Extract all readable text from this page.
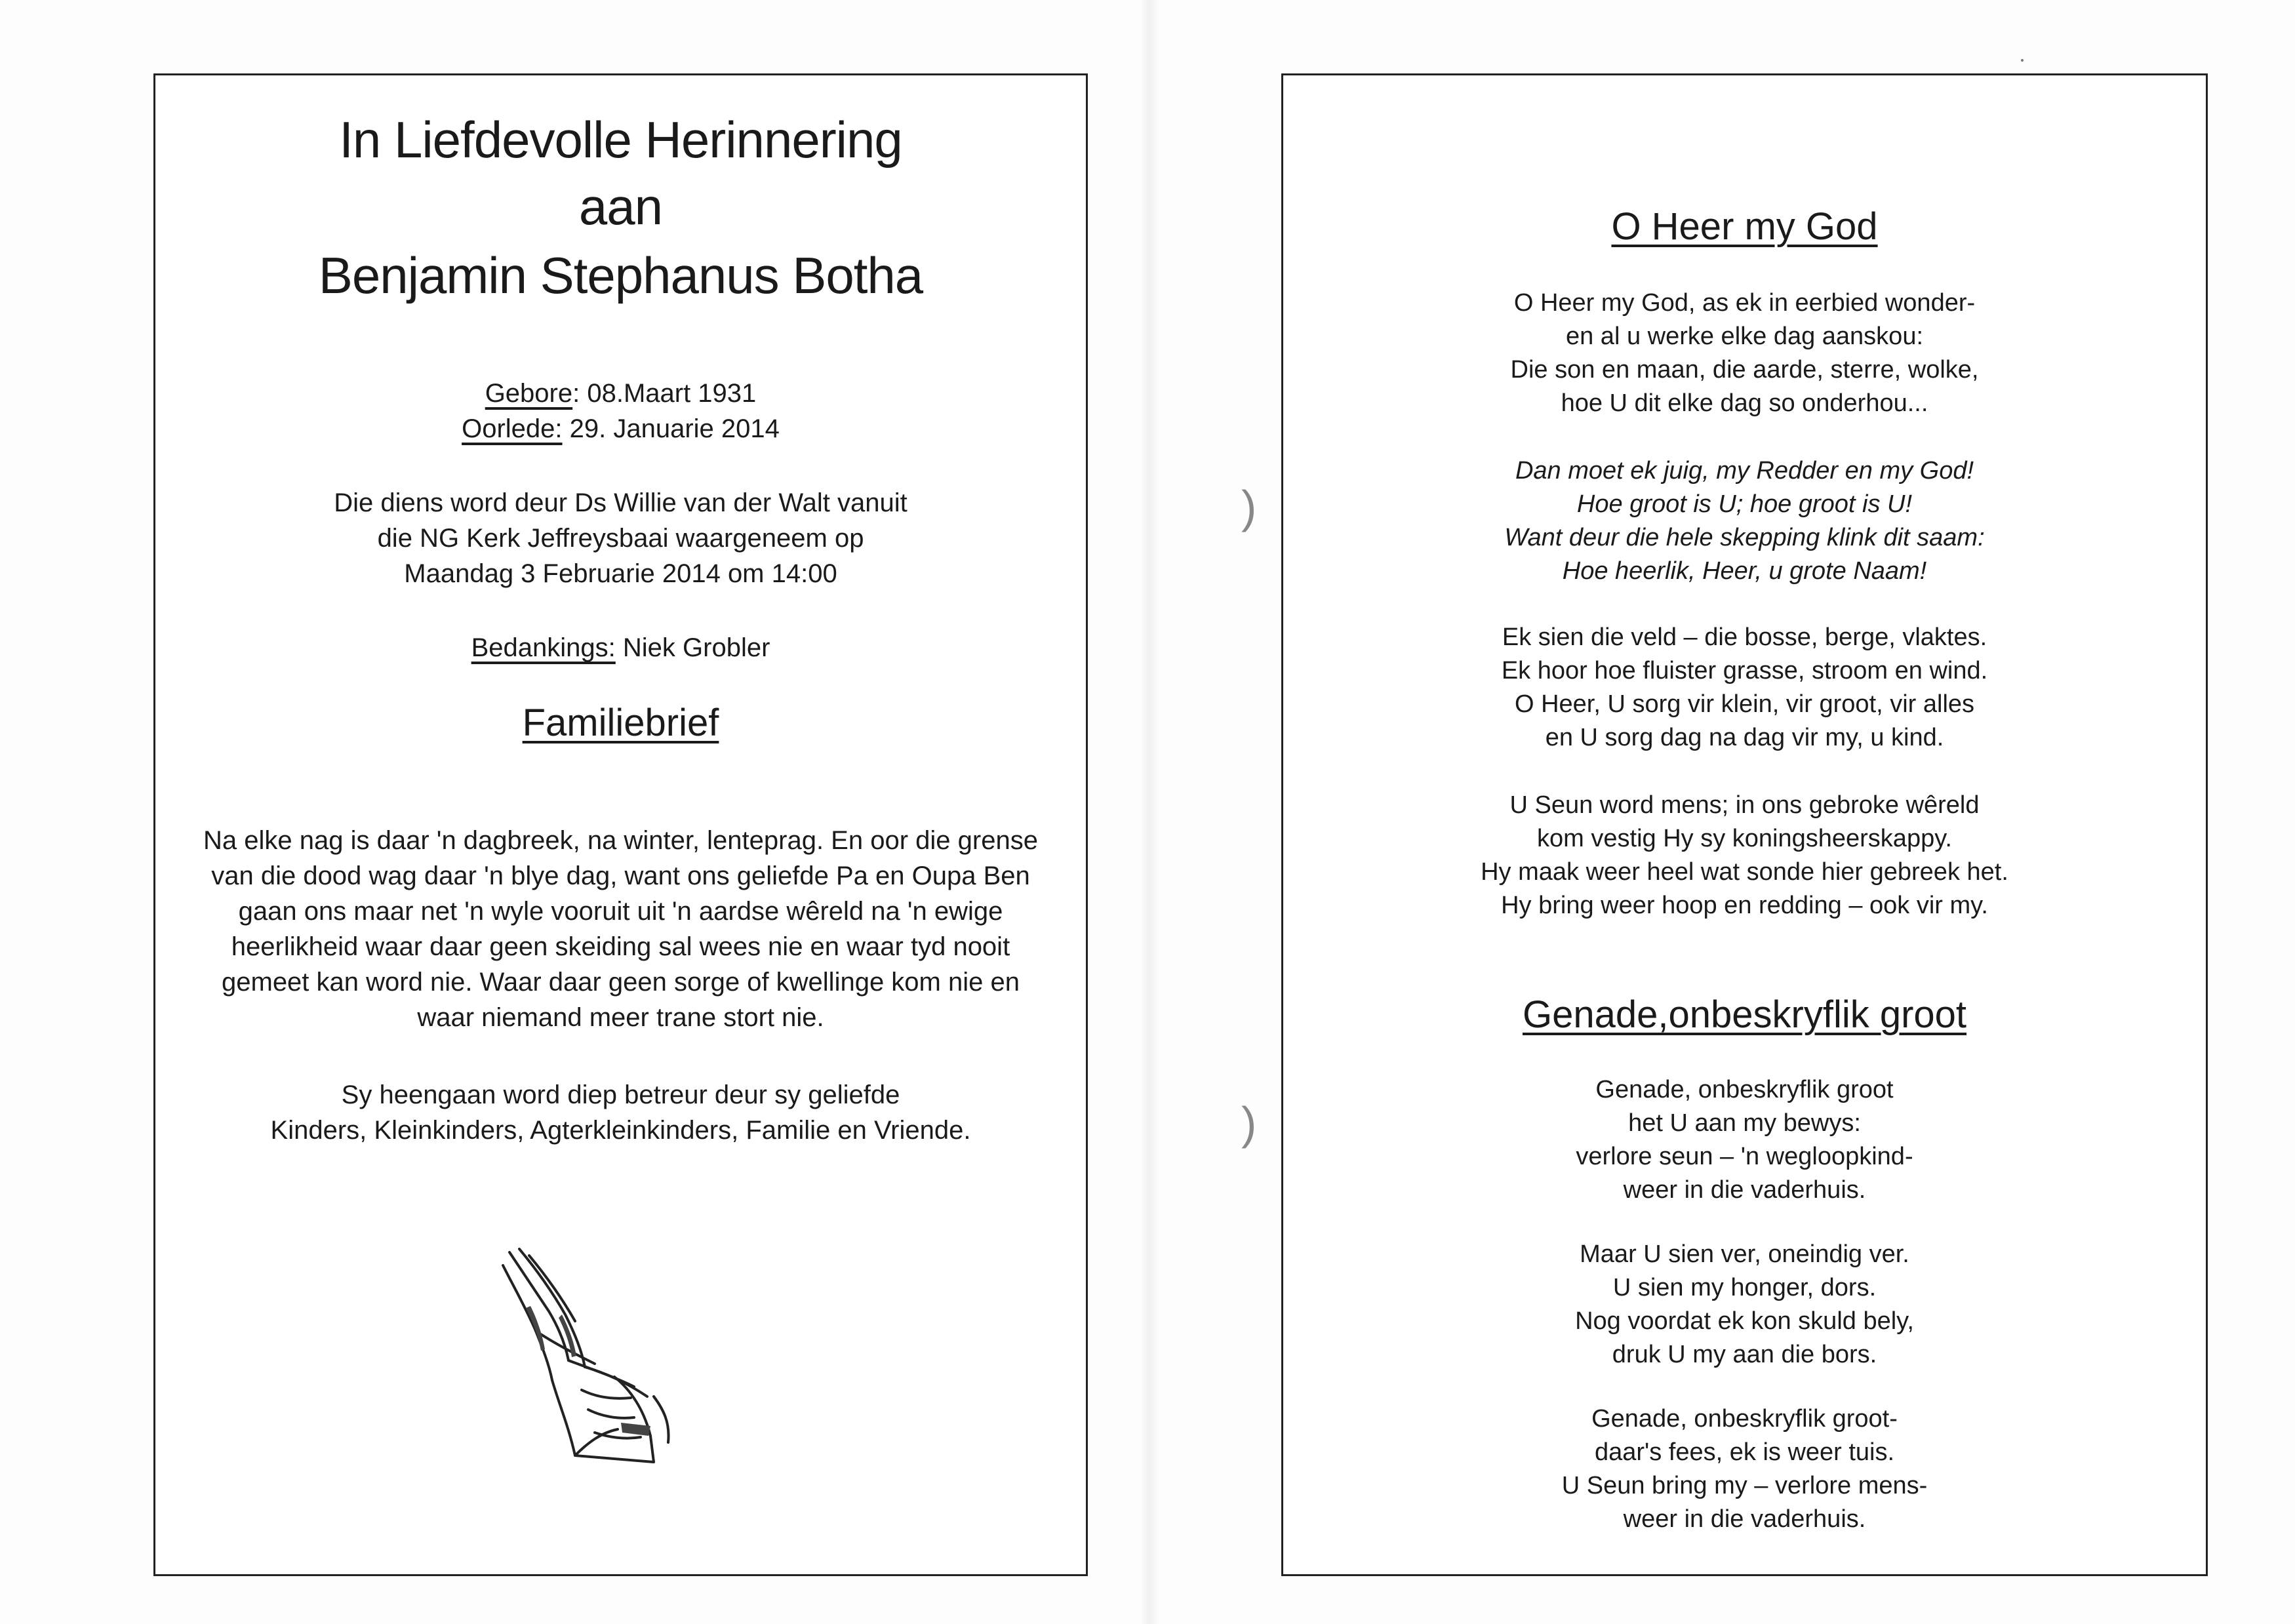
)
)
In Liefdevolle Herinnering
aan
Benjamin Stephanus Botha
Gebore: 08.Maart 1931
Oorlede: 29. Januarie 2014
Die diens word deur Ds Willie van der Walt vanuit
die NG Kerk Jeffreysbaai waargeneem op
Maandag 3 Februarie 2014 om 14:00
Bedankings: Niek Grobler
Familiebrief
Na elke nag is daar 'n dagbreek, na winter, lenteprag. En oor die grense
van die dood wag daar 'n blye dag, want ons geliefde Pa en Oupa Ben
gaan ons maar net 'n wyle vooruit uit 'n aardse wêreld na 'n ewige
heerlikheid waar daar geen skeiding sal wees nie en waar tyd nooit
gemeet kan word nie. Waar daar geen sorge of kwellinge kom nie en
waar niemand meer trane stort nie.
Sy heengaan word diep betreur deur sy geliefde
Kinders, Kleinkinders, Agterkleinkinders, Familie en Vriende.
O Heer my God
O Heer my God, as ek in eerbied wonder-
en al u werke elke dag aanskou:
Die son en maan, die aarde, sterre, wolke,
hoe U dit elke dag so onderhou...
Dan moet ek juig, my Redder en my God!
Hoe groot is U; hoe groot is U!
Want deur die hele skepping klink dit saam:
Hoe heerlik, Heer, u grote Naam!
Ek sien die veld – die bosse, berge, vlaktes.
Ek hoor hoe fluister grasse, stroom en wind.
O Heer, U sorg vir klein, vir groot, vir alles
en U sorg dag na dag vir my, u kind.
U Seun word mens; in ons gebroke wêreld
kom vestig Hy sy koningsheerskappy.
Hy maak weer heel wat sonde hier gebreek het.
Hy bring weer hoop en redding – ook vir my.
Genade,onbeskryflik groot
Genade, onbeskryflik groot
het U aan my bewys:
verlore seun – 'n wegloopkind-
weer in die vaderhuis.
Maar U sien ver, oneindig ver.
U sien my honger, dors.
Nog voordat ek kon skuld bely,
druk U my aan die bors.
Genade, onbeskryflik groot-
daar's fees, ek is weer tuis.
U Seun bring my – verlore mens-
weer in die vaderhuis.
